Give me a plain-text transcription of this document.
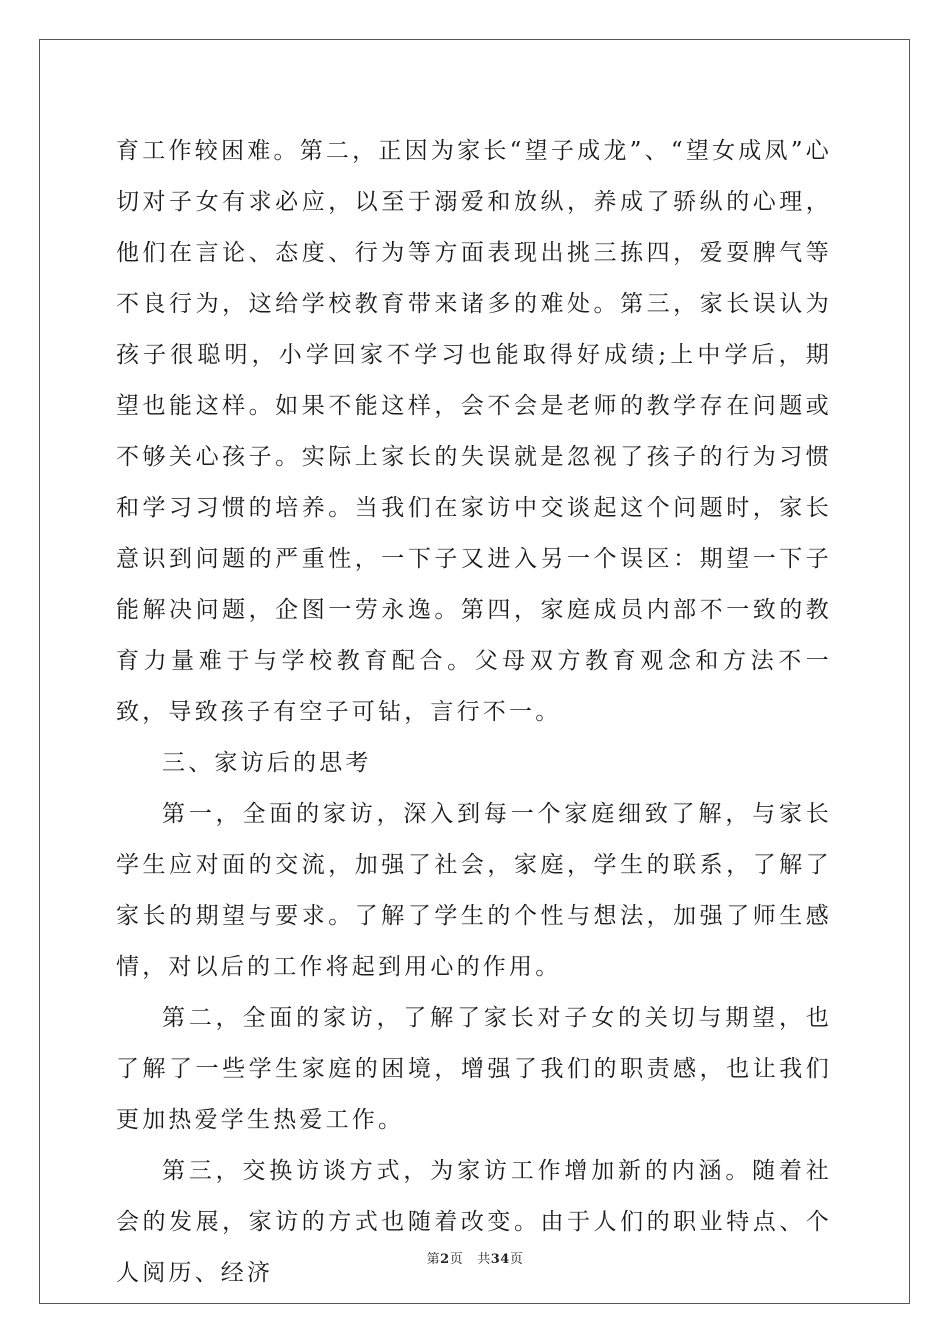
育工作较困难。第二，正因为家长“望子成龙”、“望女成凤”心切对子女有求必应，以至于溺爱和放纵，养成了骄纵的心理，他们在言论、态度、行为等方面表现出挑三拣四，爱耍脾气等不良行为，这给学校教育带来诸多的难处。第三，家长误认为孩子很聪明，小学回家不学习也能取得好成绩;上中学后，期望也能这样。如果不能这样，会不会是老师的教学存在问题或不够关心孩子。实际上家长的失误就是忽视了孩子的行为习惯和学习习惯的培养。当我们在家访中交谈起这个问题时，家长意识到问题的严重性，一下子又进入另一个误区：期望一下子能解决问题，企图一劳永逸。第四，家庭成员内部不一致的教育力量难于与学校教育配合。父母双方教育观念和方法不一致，导致孩子有空子可钻，言行不一。

三、家访后的思考

第一，全面的家访，深入到每一个家庭细致了解，与家长学生应对面的交流，加强了社会，家庭，学生的联系，了解了家长的期望与要求。了解了学生的个性与想法，加强了师生感情，对以后的工作将起到用心的作用。

第二，全面的家访，了解了家长对子女的关切与期望，也了解了一些学生家庭的困境，增强了我们的职责感，也让我们更加热爱学生热爱工作。

第三，交换访谈方式，为家访工作增加新的内涵。随着社会的发展，家访的方式也随着改变。由于人们的职业特点、个人阅历、经济

第2页 共34页
